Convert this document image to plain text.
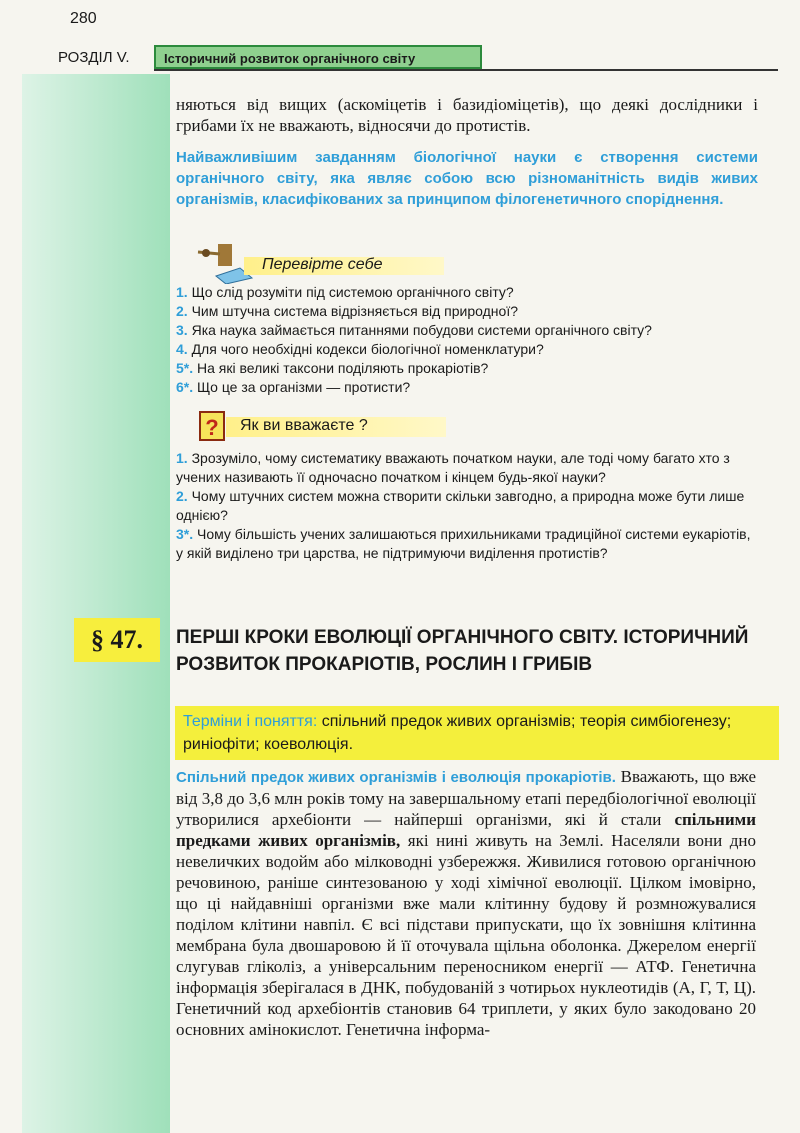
280
РОЗДІЛ V.	Історичний розвиток органічного світу
няються від вищих (аскоміцетів і базидіоміцетів), що деякі дослідники і грибами їх не вважають, відносячи до протистів.
Найважливішим завданням біологічної науки є створення системи органічного світу, яка являє собою всю різноманітність видів живих організмів, класифікованих за принципом філогенетичного споріднення.
Перевірте себе
1. Що слід розуміти під системою органічного світу?
2. Чим штучна система відрізняється від природної?
3. Яка наука займається питаннями побудови системи органічного світу?
4. Для чого необхідні кодекси біологічної номенклатури?
5*. На які великі таксони поділяють прокаріотів?
6*. Що це за організми — протисти?
? Як ви вважаєте ?
1. Зрозуміло, чому систематику вважають початком науки, але тоді чому багато хто з учених називають її одночасно початком і кінцем будь-якої науки?
2. Чому штучних систем можна створити скільки завгодно, а природна може бути лише однією?
3*. Чому більшість учених залишаються прихильниками традиційної системи еукаріотів, у якій виділено три царства, не підтримуючи виділення протистів?
§ 47.	ПЕРШІ КРОКИ ЕВОЛЮЦІЇ ОРГАНІЧНОГО СВІТУ. ІСТОРИЧНИЙ РОЗВИТОК ПРОКАРІОТІВ, РОСЛИН І ГРИБІВ
Терміни і поняття: спільний предок живих організмів; теорія симбіогенезу; риніофіти; коеволюція.
Спільний предок живих організмів і еволюція прокаріотів. Вважають, що вже від 3,8 до 3,6 млн років тому на завершальному етапі передбіологічної еволюції утворилися архебіонти — найперші організми, які й стали спільними предками живих організмів, які нині живуть на Землі. Населяли вони дно невеличких водойм або мілководні узбережжя. Живилися готовою органічною речовиною, раніше синтезованою у ході хімічної еволюції. Цілком імовірно, що ці найдавніші організми вже мали клітинну будову й розмножувалися поділом клітини навпіл. Є всі підстави припускати, що їх зовнішня клітинна мембрана була двошаровою й її оточувала щільна оболонка. Джерелом енергії слугував гліколіз, а універсальним переносником енергії — АТФ. Генетична інформація зберігалася в ДНК, побудованій з чотирьох нуклеотидів (А, Г, Т, Ц). Генетичний код архебіонтів становив 64 триплети, у яких було закодовано 20 основних амінокислот. Генетична інформа-
